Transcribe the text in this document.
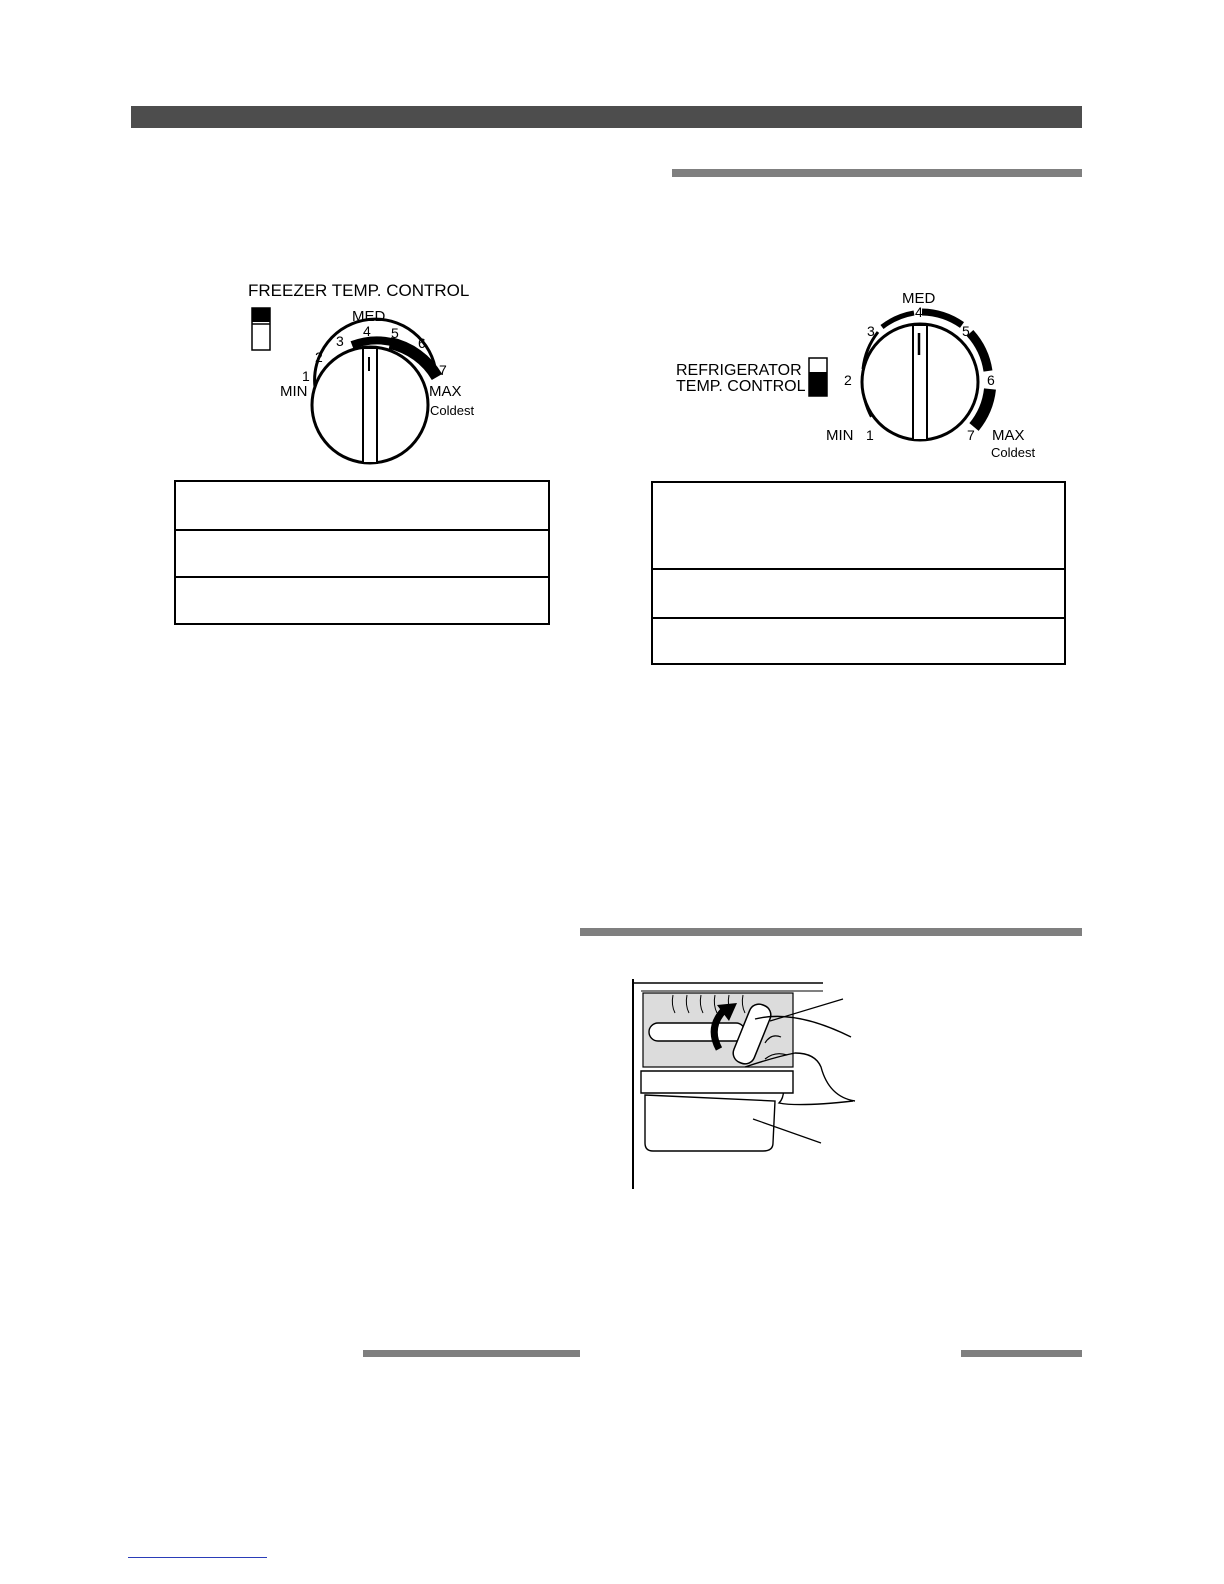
FREEZER TEMP. CONTROL
MIN
1
2
3
MED
4 5
6
7
MAX
Coldest
REFRIGERATOR
TEMP. CONTROL
MIN 1
2
3
MED
4
5
6
7 MAX
Coldest
